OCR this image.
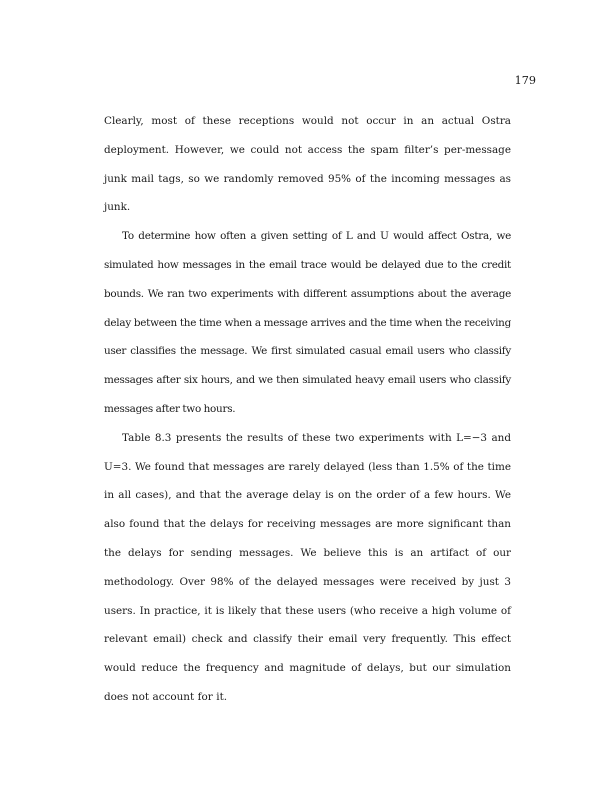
179

Clearly, most of these receptions would not occur in an actual Ostra deployment. However, we could not access the spam filter’s per-message junk mail tags, so we randomly removed 95% of the incoming messages as junk.

To determine how often a given setting of L and U would affect Ostra, we simulated how messages in the email trace would be delayed due to the credit bounds. We ran two experiments with different assumptions about the average delay between the time when a message arrives and the time when the receiving user classifies the message. We first simulated casual email users who classify messages after six hours, and we then simulated heavy email users who classify messages after two hours.

Table 8.3 presents the results of these two experiments with L=−3 and U=3. We found that messages are rarely delayed (less than 1.5% of the time in all cases), and that the average delay is on the order of a few hours. We also found that the delays for receiving messages are more significant than the delays for sending messages. We believe this is an artifact of our methodology. Over 98% of the delayed messages were received by just 3 users. In practice, it is likely that these users (who receive a high volume of relevant email) check and classify their email very frequently. This effect would reduce the frequency and magnitude of delays, but our simulation does not account for it.
